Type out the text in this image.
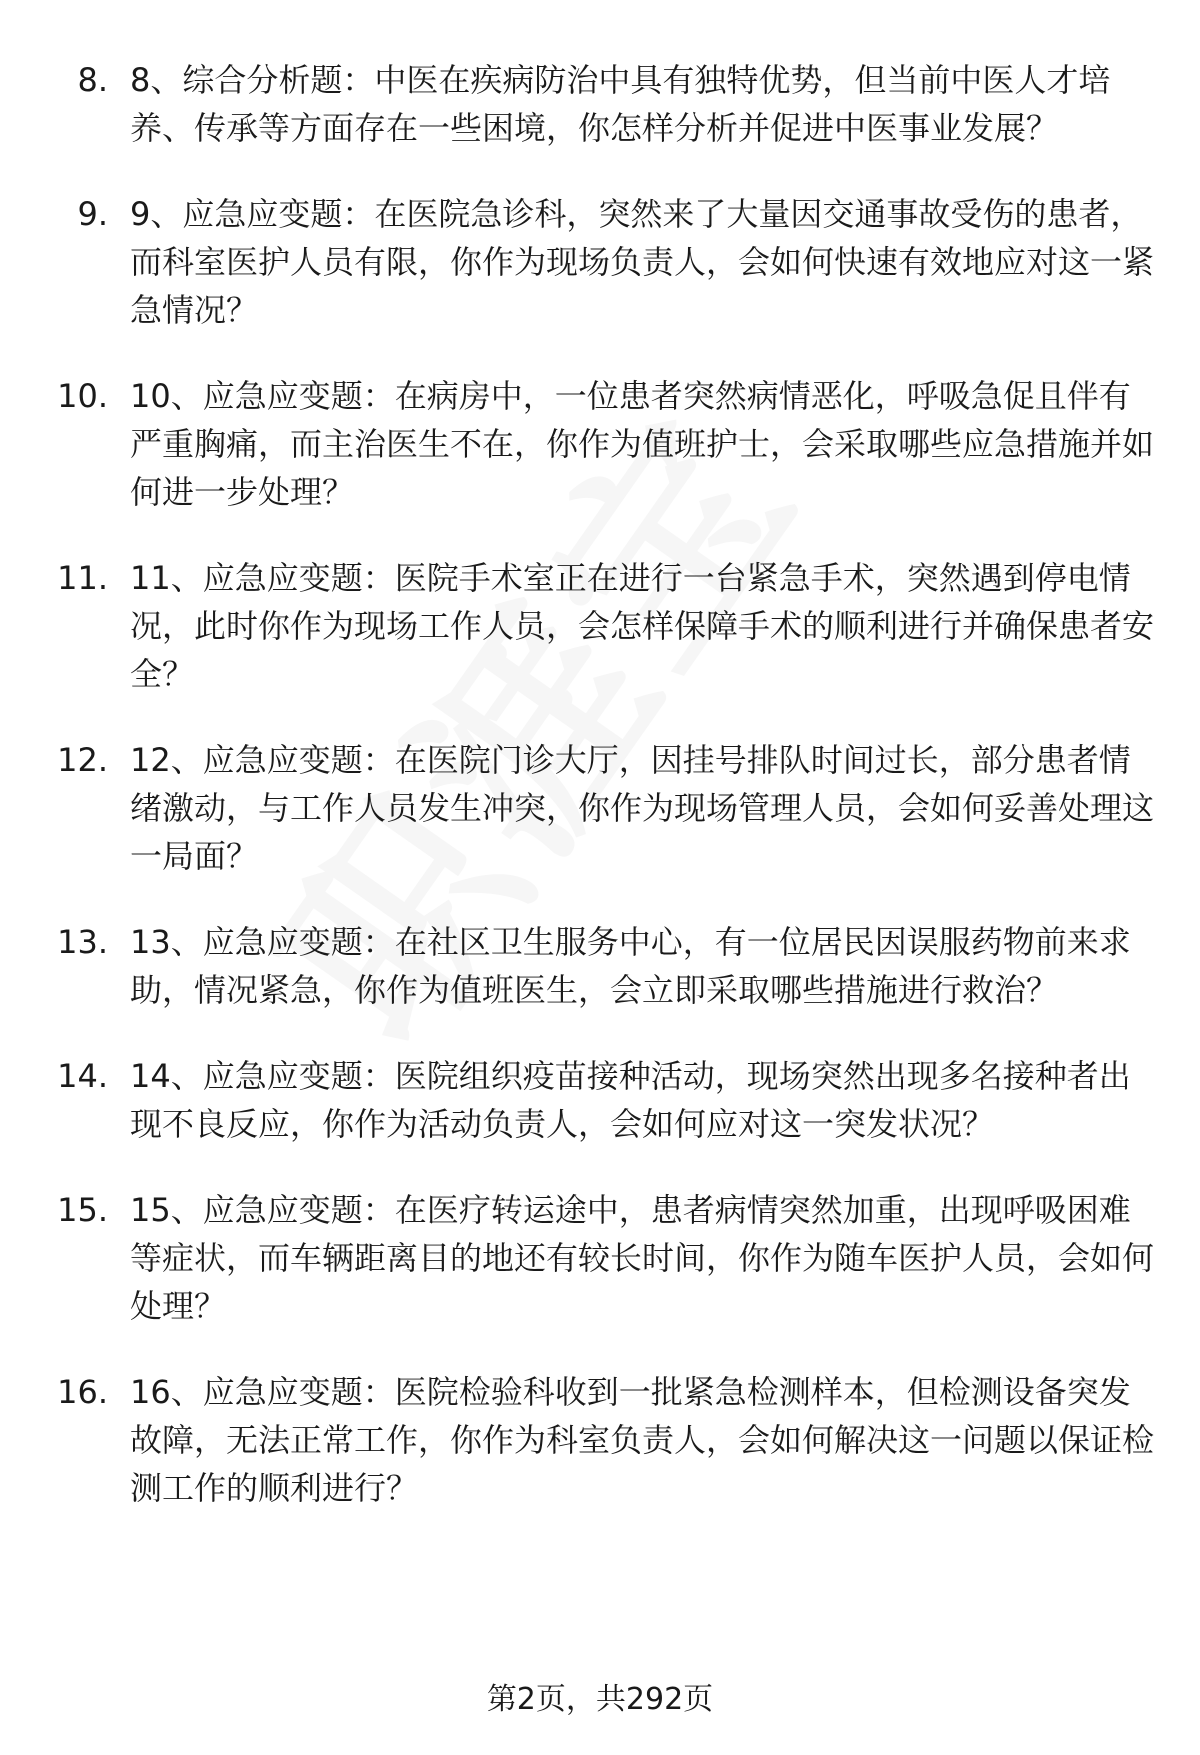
8. 8、综合分析题：中医在疾病防治中具有独特优势，但当前中医人才培养、传承等方面存在一些困境，你怎样分析并促进中医事业发展？
9. 9、应急应变题：在医院急诊科，突然来了大量因交通事故受伤的患者，而科室医护人员有限，你作为现场负责人，会如何快速有效地应对这一紧急情况？
10. 10、应急应变题：在病房中，一位患者突然病情恶化，呼吸急促且伴有严重胸痛，而主治医生不在，你作为值班护士，会采取哪些应急措施并如何进一步处理？
11. 11、应急应变题：医院手术室正在进行一台紧急手术，突然遇到停电情况，此时你作为现场工作人员，会怎样保障手术的顺利进行并确保患者安全？
12. 12、应急应变题：在医院门诊大厅，因挂号排队时间过长，部分患者情绪激动，与工作人员发生冲突，你作为现场管理人员，会如何妥善处理这一局面？
13. 13、应急应变题：在社区卫生服务中心，有一位居民因误服药物前来求助，情况紧急，你作为值班医生，会立即采取哪些措施进行救治？
14. 14、应急应变题：医院组织疫苗接种活动，现场突然出现多名接种者出现不良反应，你作为活动负责人，会如何应对这一突发状况？
15. 15、应急应变题：在医疗转运途中，患者病情突然加重，出现呼吸困难等症状，而车辆距离目的地还有较长时间，你作为随车医护人员，会如何处理？
16. 16、应急应变题：医院检验科收到一批紧急检测样本，但检测设备突发故障，无法正常工作，你作为科室负责人，会如何解决这一问题以保证检测工作的顺利进行？
第2页，共292页
